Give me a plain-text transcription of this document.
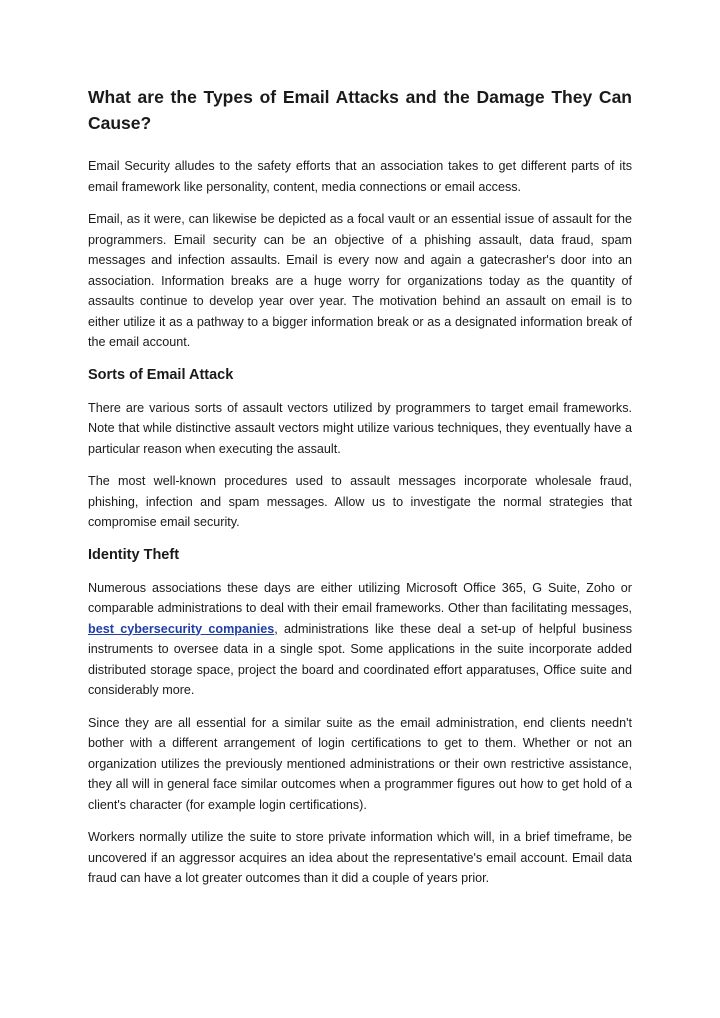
What are the Types of Email Attacks and the Damage They Can Cause?

Email Security alludes to the safety efforts that an association takes to get different parts of its email framework like personality, content, media connections or email access.

Email, as it were, can likewise be depicted as a focal vault or an essential issue of assault for the programmers. Email security can be an objective of a phishing assault, data fraud, spam messages and infection assaults. Email is every now and again a gatecrasher's door into an association. Information breaks are a huge worry for organizations today as the quantity of assaults continue to develop year over year. The motivation behind an assault on email is to either utilize it as a pathway to a bigger information break or as a designated information break of the email account.

Sorts of Email Attack

There are various sorts of assault vectors utilized by programmers to target email frameworks. Note that while distinctive assault vectors might utilize various techniques, they eventually have a particular reason when executing the assault.

The most well-known procedures used to assault messages incorporate wholesale fraud, phishing, infection and spam messages. Allow us to investigate the normal strategies that compromise email security.

Identity Theft

Numerous associations these days are either utilizing Microsoft Office 365, G Suite, Zoho or comparable administrations to deal with their email frameworks. Other than facilitating messages, best cybersecurity companies, administrations like these deal a set-up of helpful business instruments to oversee data in a single spot. Some applications in the suite incorporate added distributed storage space, project the board and coordinated effort apparatuses, Office suite and considerably more.

Since they are all essential for a similar suite as the email administration, end clients needn't bother with a different arrangement of login certifications to get to them. Whether or not an organization utilizes the previously mentioned administrations or their own restrictive assistance, they all will in general face similar outcomes when a programmer figures out how to get hold of a client's character (for example login certifications).

Workers normally utilize the suite to store private information which will, in a brief timeframe, be uncovered if an aggressor acquires an idea about the representative's email account. Email data fraud can have a lot greater outcomes than it did a couple of years prior.
